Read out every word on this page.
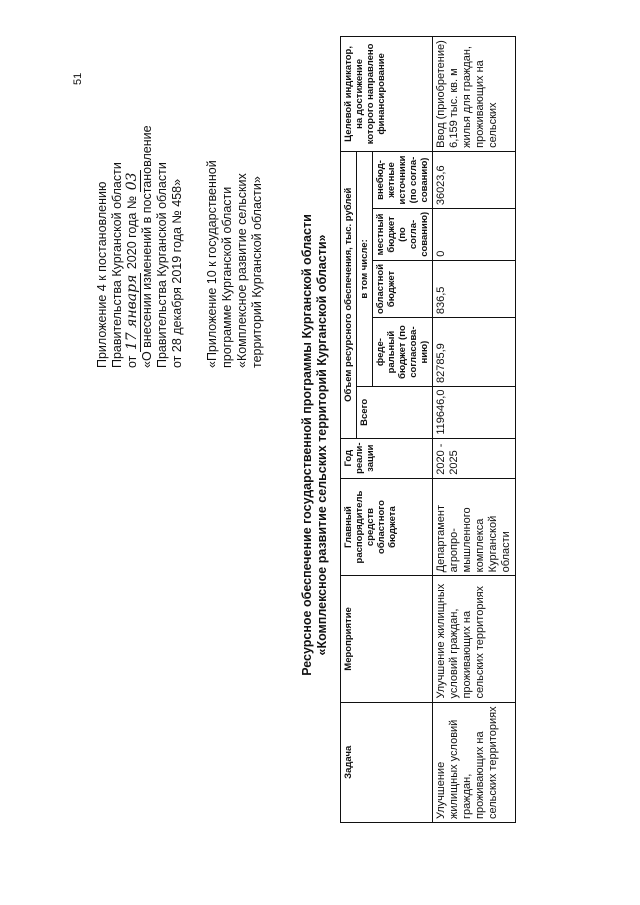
51
Приложение 4 к постановлению Правительства Курганской области от 17 января 2020 года № 03 «О внесении изменений в постановление Правительства Курганской области от 28 декабря 2019 года № 458» «Приложение 10 к государственной программе Курганской области «Комплексное развитие сельских территорий Курганской области»	Ресурсное обеспечение государственной программы Курганской области «Комплексное развитие сельских территорий Курганской области»
Задача	Мероприятие	Главный распорядитель средств областного бюджета	Год реали-зации	Объем ресурсного обеспечения, тыс. рублей					Целевой индикатор, на достижение которого направлено финансирование
				Всего	в том числе:				
					феде-ральный бюджет (по согласова-нию)	областной бюджет	местный бюджет (по согла-сованию)	внебюд-жетные источники (по согла-сованию)	
Улучшение жилищных условий граждан, проживающих на сельских территориях	Улучшение жилищных условий граждан, проживающих на сельских территориях	Департамент агропро-мышленного комплекса Курганской области	2020 - 2025	119646,0	82785,9	836,5	0	36023,6	Ввод (приобретение) 6,159 тыс. кв. м жилья для граждан, проживающих на сельских
